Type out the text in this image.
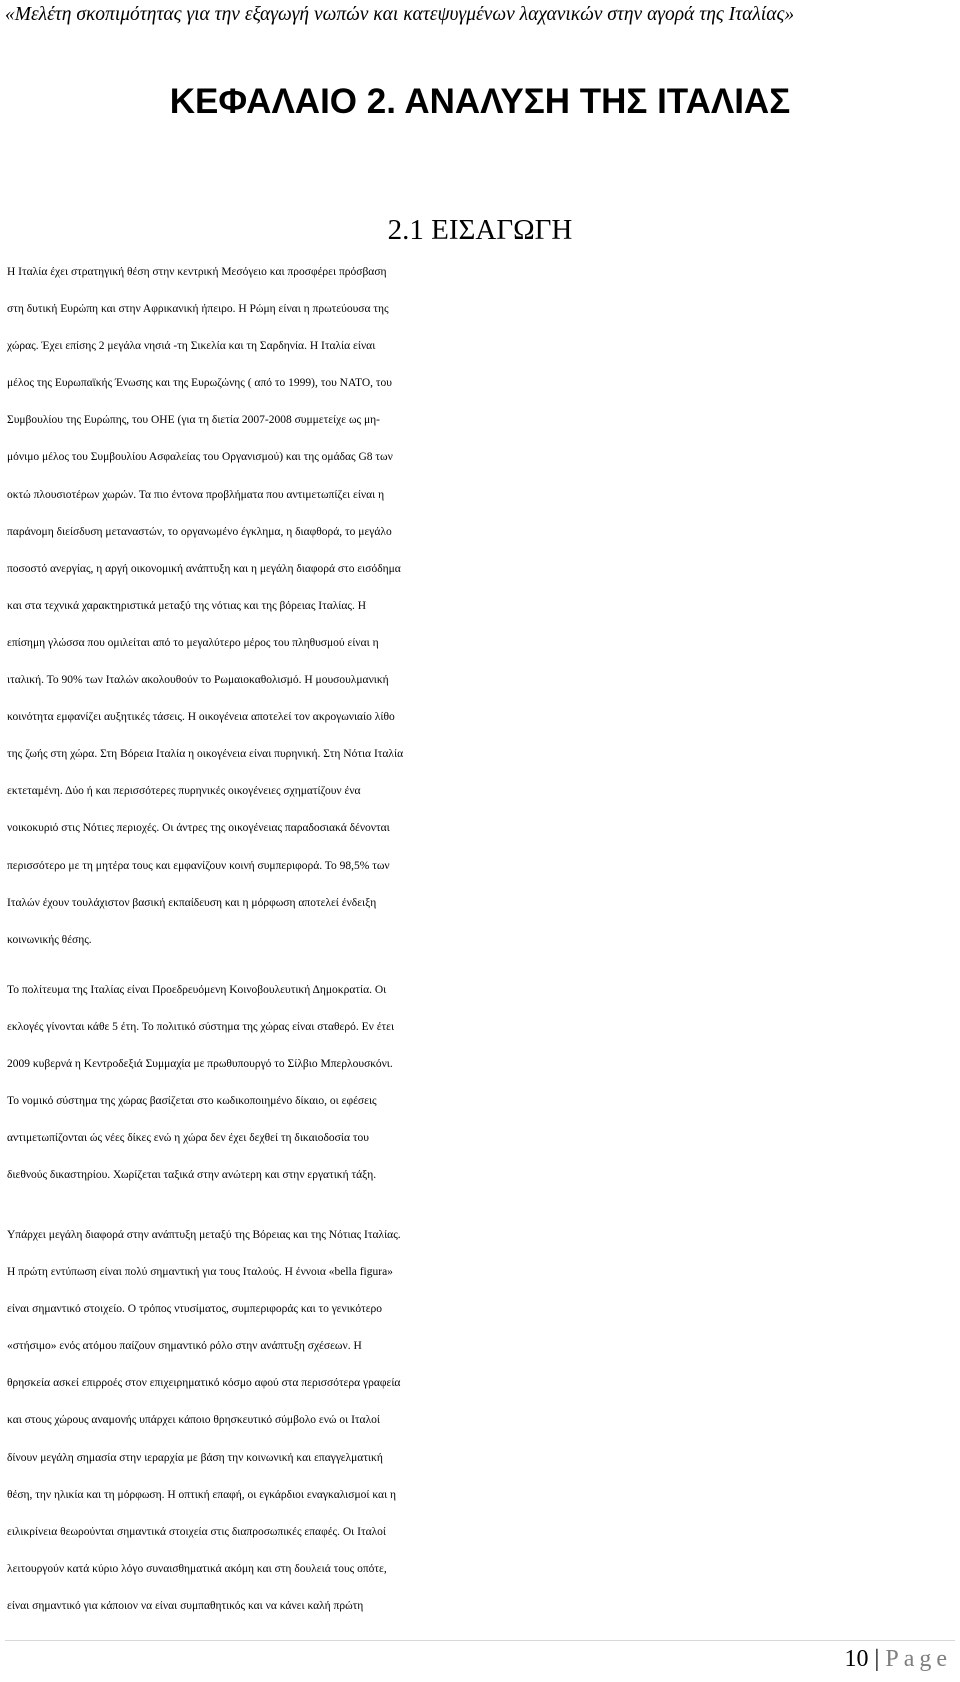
«Μελέτη σκοπιμότητας για την εξαγωγή νωπών και κατεψυγμένων λαχανικών στην αγορά της Ιταλίας»
ΚΕΦΑΛΑΙΟ 2. ΑΝΑΛΥΣΗ ΤΗΣ ΙΤΑΛΙΑΣ
2.1 ΕΙΣΑΓΩΓΗ

Η Ιταλία έχει στρατηγική θέση στην κεντρική Μεσόγειο και προσφέρει πρόσβαση
στη δυτική Ευρώπη και στην Αφρικανική ήπειρο. Η Ρώμη είναι η πρωτεύουσα της
χώρας. Έχει επίσης 2 μεγάλα νησιά -τη Σικελία και τη Σαρδηνία. Η Ιταλία είναι
μέλος της Ευρωπαϊκής Ένωσης και της Ευρωζώνης ( από το 1999), του ΝΑΤΟ, του
Συμβουλίου της Ευρώπης, του ΟΗΕ (για τη διετία 2007-2008 συμμετείχε ως μη-
μόνιμο μέλος του Συμβουλίου Ασφαλείας του Οργανισμού) και της ομάδας G8 των
οκτώ πλουσιοτέρων χωρών. Τα πιο έντονα προβλήματα που αντιμετωπίζει είναι η
παράνομη διείσδυση μεταναστών, το οργανωμένο έγκλημα, η διαφθορά, το μεγάλο
ποσοστό ανεργίας, η αργή οικονομική ανάπτυξη και η μεγάλη διαφορά στο εισόδημα
και στα τεχνικά χαρακτηριστικά μεταξύ της νότιας και της βόρειας Ιταλίας. Η
επίσημη γλώσσα που ομιλείται από το μεγαλύτερο μέρος του πληθυσμού είναι η
ιταλική. Το 90% των Ιταλών ακολουθούν το Ρωμαιοκαθολισμό. Η μουσουλμανική
κοινότητα εμφανίζει αυξητικές τάσεις. Η οικογένεια αποτελεί τον ακρογωνιαίο λίθο
της ζωής στη χώρα. Στη Βόρεια Ιταλία η οικογένεια είναι πυρηνική. Στη Νότια Ιταλία
εκτεταμένη. Δύο ή και περισσότερες πυρηνικές οικογένειες σχηματίζουν ένα
νοικοκυριό στις Νότιες περιοχές. Οι άντρες της οικογένειας παραδοσιακά δένονται
περισσότερο με τη μητέρα τους και εμφανίζουν κοινή συμπεριφορά. Το 98,5% των
Ιταλών έχουν τουλάχιστον βασική εκπαίδευση και η μόρφωση αποτελεί ένδειξη
κοινωνικής θέσης.

Το πολίτευμα της Ιταλίας είναι Προεδρευόμενη Κοινοβουλευτική Δημοκρατία. Οι
εκλογές γίνονται κάθε 5 έτη. Το πολιτικό σύστημα της χώρας είναι σταθερό. Εν έτει
2009 κυβερνά η Κεντροδεξιά Συμμαχία με πρωθυπουργό το Σίλβιο Μπερλουσκόνι.
Το νομικό σύστημα της χώρας βασίζεται στο κωδικοποιημένο δίκαιο, οι εφέσεις
αντιμετωπίζονται ώς νέες δίκες ενώ η χώρα δεν έχει δεχθεί τη δικαιοδοσία του
διεθνούς δικαστηρίου. Χωρίζεται ταξικά στην ανώτερη και στην εργατική τάξη.

Υπάρχει μεγάλη διαφορά στην ανάπτυξη μεταξύ της Βόρειας και της Νότιας Ιταλίας.
Η πρώτη εντύπωση είναι πολύ σημαντική για τους Ιταλούς. Η έννοια «bella figura»
είναι σημαντικό στοιχείο. Ο τρόπος ντυσίματος, συμπεριφοράς και το γενικότερο
«στήσιμο» ενός ατόμου παίζουν σημαντικό ρόλο στην ανάπτυξη σχέσεων. Η
θρησκεία ασκεί επιρροές στον επιχειρηματικό κόσμο αφού στα περισσότερα γραφεία
και στους χώρους αναμονής υπάρχει κάποιο θρησκευτικό σύμβολο ενώ οι Ιταλοί
δίνουν μεγάλη σημασία στην ιεραρχία με βάση την κοινωνική και επαγγελματική
θέση, την ηλικία και τη μόρφωση. Η οπτική επαφή, οι εγκάρδιοι εναγκαλισμοί και η
ειλικρίνεια θεωρούνται σημαντικά στοιχεία στις διαπροσωπικές επαφές. Οι Ιταλοί
λειτουργούν κατά κύριο λόγο συναισθηματικά ακόμη και στη δουλειά τους οπότε,
είναι σημαντικό για κάποιον να είναι συμπαθητικός και να κάνει καλή πρώτη

10 | Page
